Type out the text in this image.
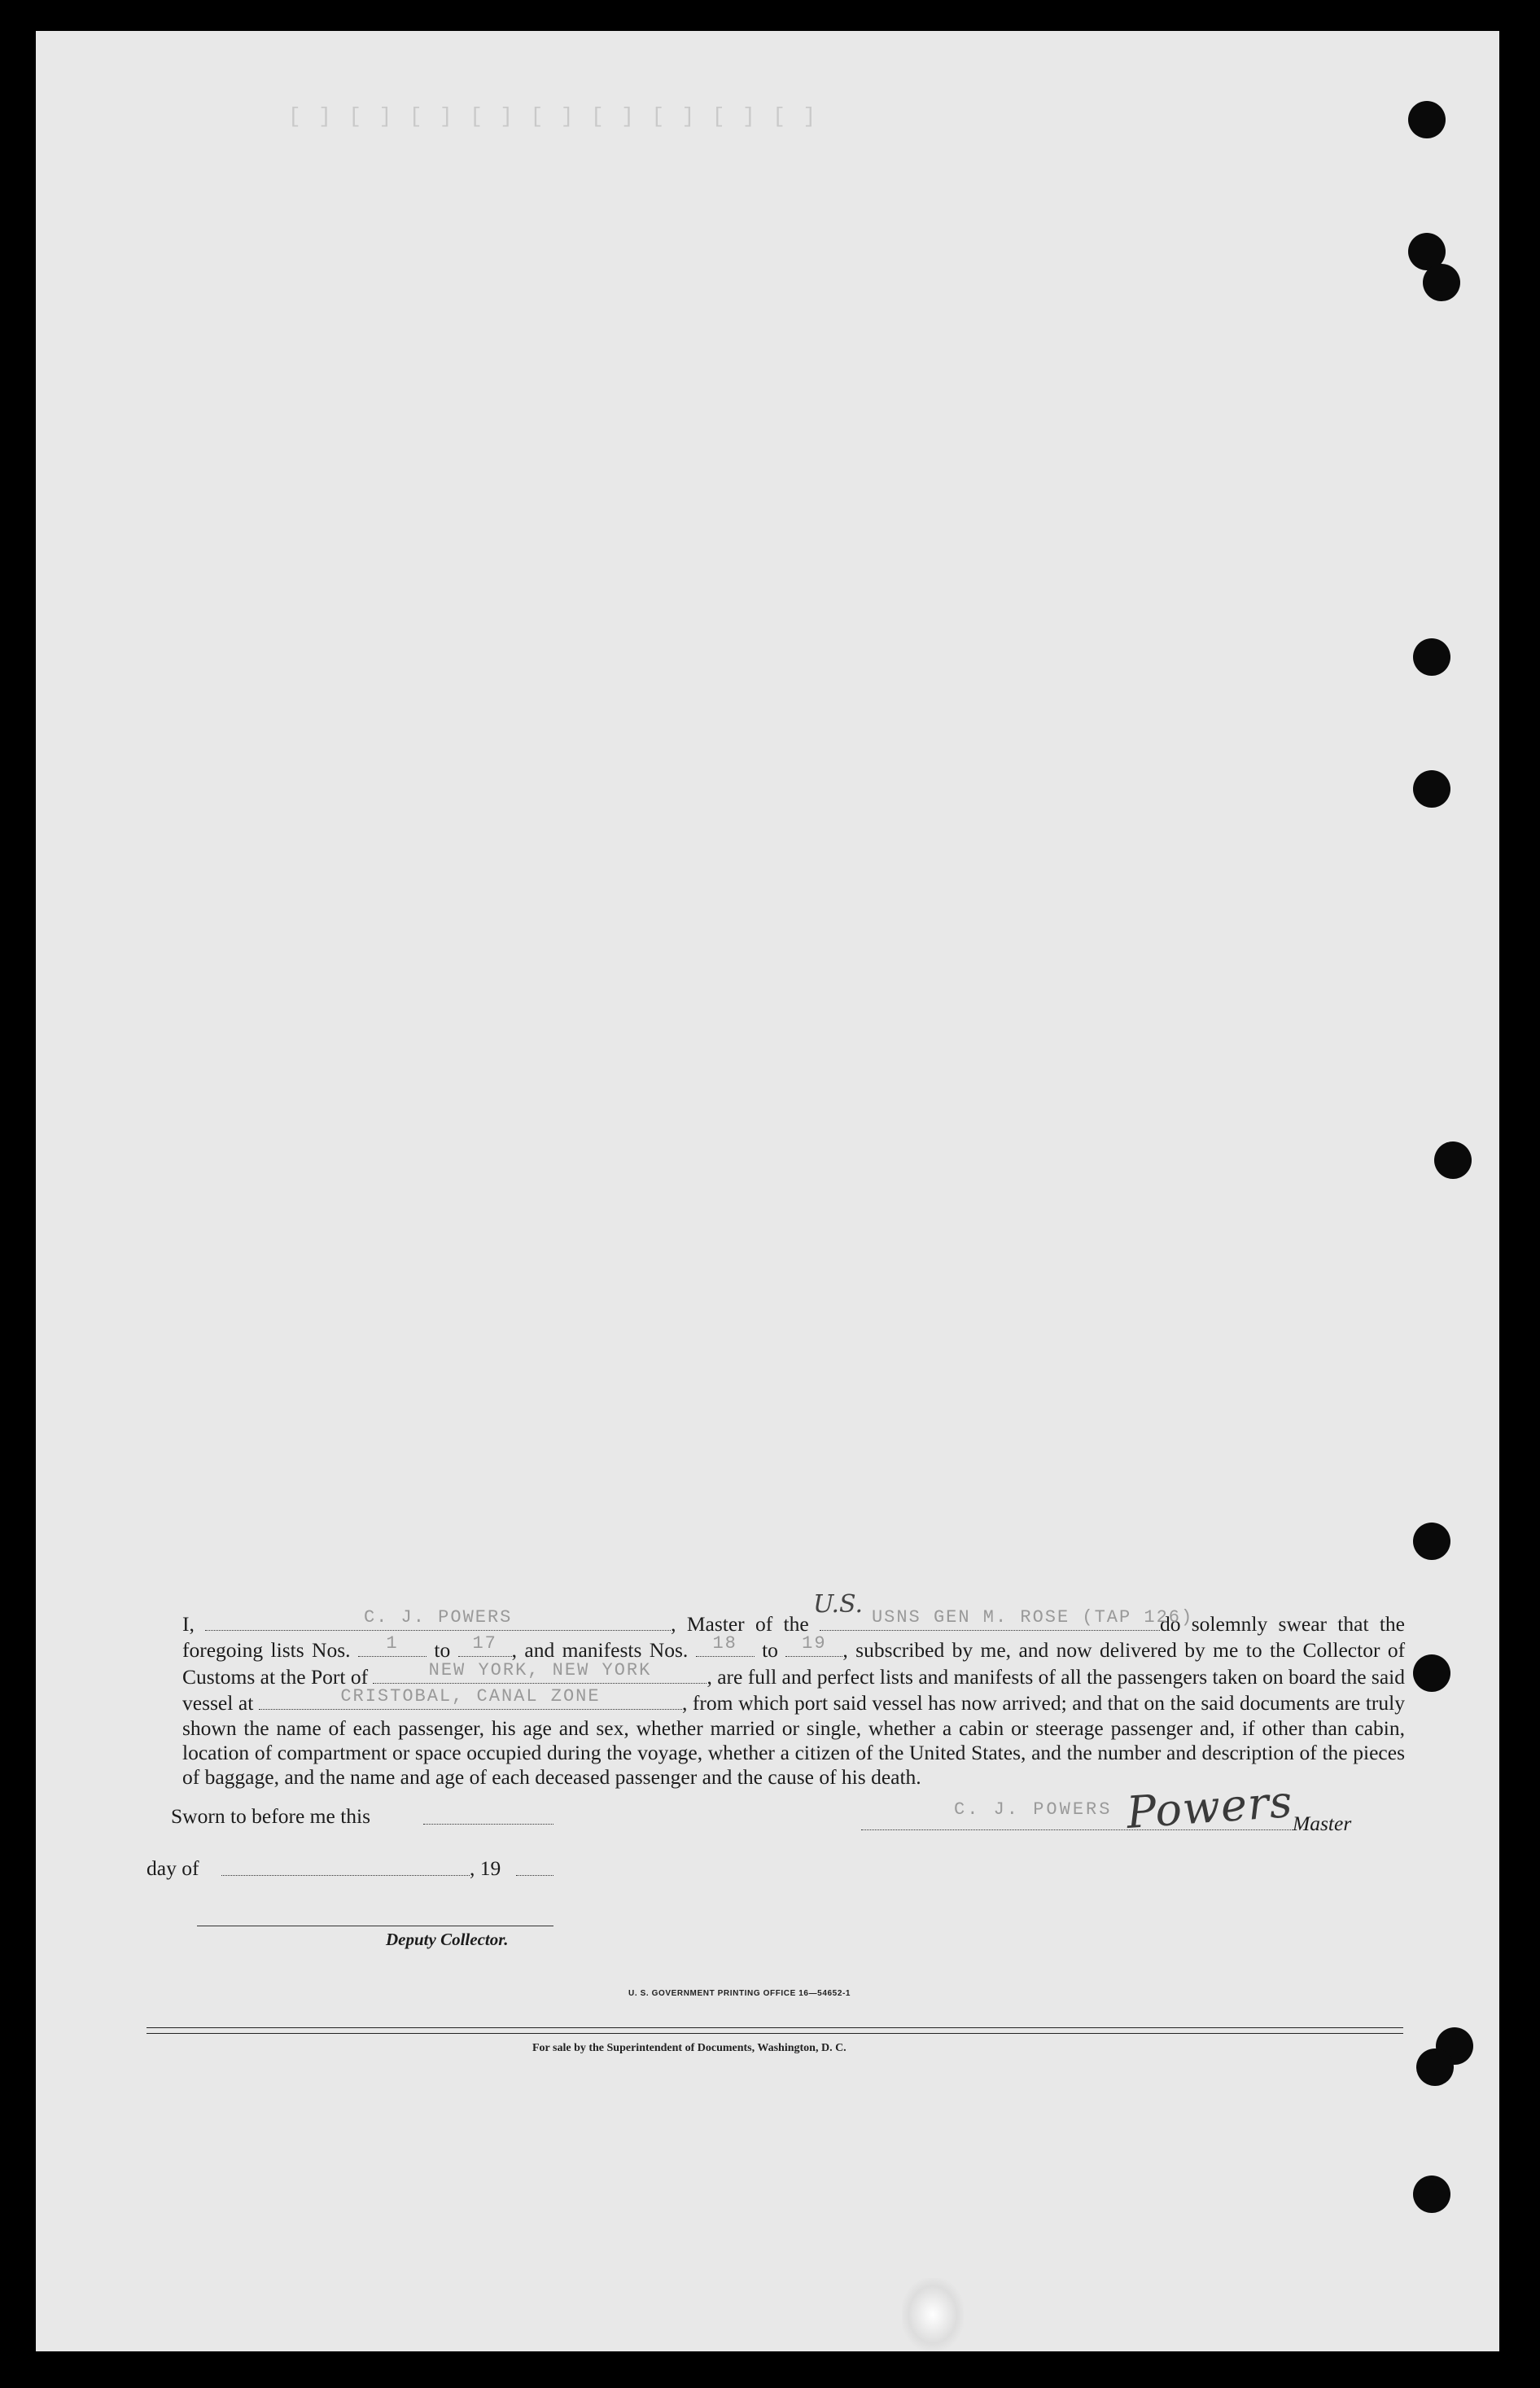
[ ] [ ] [ ] [ ] [ ] [ ] [ ] [ ] [ ]
I,	C. J. POWERS	, Master of the
U.S. USNS GEN M. ROSE (TAP 126)
do solemnly swear that the foregoing lists Nos.	1	to	17 , and manifests Nos.	18	to	19 , subscribed by me, and now delivered by me to the Collector of Customs at the Port of	NEW YORK, NEW YORK	, are full and perfect lists and manifests of all the passengers taken on board the said vessel at	CRISTOBAL, CANAL ZONE	, from which port said vessel has now arrived; and that on the said documents are truly shown the name of each passenger, his age and sex, whether married or single, whether a cabin or steerage passenger and, if other than cabin, location of compartment or space occupied during the voyage, whether a citizen of the United States, and the number and description of the pieces of baggage, and the name and age of each deceased passenger and the cause of his death.
Sworn to before me this
day of	, 19
Deputy Collector.
C. J. POWERS Powers
Master
U. S. GOVERNMENT PRINTING OFFICE 16—54652-1
For sale by the Superintendent of Documents, Washington, D. C.
